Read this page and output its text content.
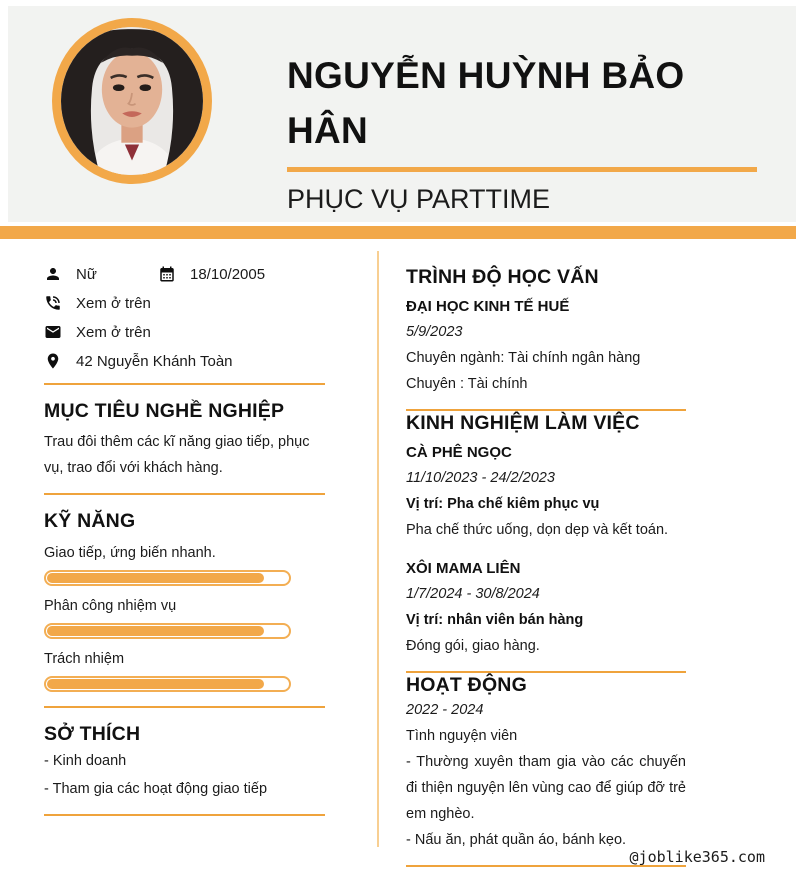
NGUYỄN HUỲNH BẢO HÂN
PHỤC VỤ PARTTIME
Nữ	18/10/2005
Xem ở trên
Xem ở trên
42 Nguyễn Khánh Toàn
MỤC TIÊU NGHỀ NGHIỆP
Trau đôi thêm các kĩ năng giao tiếp, phục vụ, trao đổi với khách hàng.
KỸ NĂNG
Giao tiếp, ứng biến nhanh.
Phân công nhiệm vụ
Trách nhiệm
SỞ THÍCH
- Kinh doanh
- Tham gia các hoạt động giao tiếp
TRÌNH ĐỘ HỌC VẤN
ĐẠI HỌC KINH TẾ HUẾ
5/9/2023
Chuyên ngành: Tài chính ngân hàng
Chuyên : Tài chính
KINH NGHIỆM LÀM VIỆC
CÀ PHÊ NGỌC
11/10/2023 - 24/2/2023
Vị trí: Pha chế kiêm phục vụ
Pha chế thức uống, dọn dẹp và kết toán.
XÔI MAMA LIÊN
1/7/2024 - 30/8/2024
Vị trí: nhân viên bán hàng
Đóng gói, giao hàng.
HOẠT ĐỘNG
2022 - 2024
Tình nguyện viên
- Thường xuyên tham gia vào các chuyến đi thiện nguyện lên vùng cao để giúp đỡ trẻ em nghèo.
- Nấu ăn, phát quần áo, bánh kẹo.
@joblike365.com
